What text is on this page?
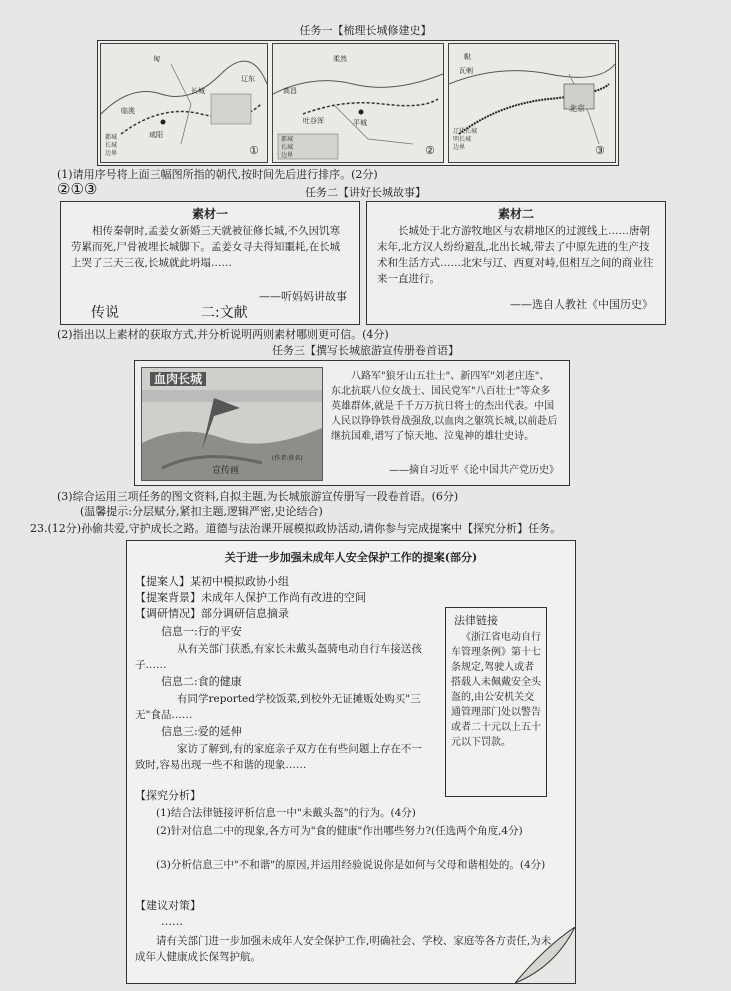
任务一【梳理长城修建史】
匈
临洮
辽东
长城
咸阳
都城
长城
边界	①
柔然
高昌
平城
吐谷浑
都城
长城
边界	②
鞑
瓦剌
北京
辽代长城
明长城
边界	③
(1)请用序号将上面三幅图所指的朝代,按时间先后进行排序。(2分)
②①③	任务二【讲好长城故事】
素材一
相传秦朝时,孟姜女新婚三天就被征修长城,不久因饥寒劳累而死,尸骨被埋长城脚下。孟姜女寻夫得知噩耗,在长城上哭了三天三夜,长城就此坍塌……
——听妈妈讲故事
传说	二:文献
素材二
长城处于北方游牧地区与农耕地区的过渡线上……唐朝末年,北方汉人纷纷避乱,北出长城,带去了中原先进的生产技术和生活方式……北宋与辽、西夏对峙,但相互之间的商业往来一直进行。
——选自人教社《中国历史》
(2)指出以上素材的获取方式,并分析说明两则素材哪则更可信。(4分)
任务三【撰写长城旅游宣传册卷首语】
血肉长城
宣传画
(作者:佚名)
八路军"狼牙山五壮士"、新四军"刘老庄连"、东北抗联八位女战士、国民党军"八百壮士"等众多英雄群体,就是千千万万抗日将士的杰出代表。中国人民以铮铮铁骨战强敌,以血肉之躯筑长城,以前赴后继抗国难,谱写了惊天地、泣鬼神的雄壮史诗。
——摘自习近平《论中国共产党历史》
(3)综合运用三项任务的图文资料,自拟主题,为长城旅游宣传册写一段卷首语。(6分)
(温馨提示:分层赋分,紧扣主题,逻辑严密,史论结合)
23.(12分)孙偷共爱,守护成长之路。道德与法治课开展模拟政协活动,请你参与完成提案中【探究分析】任务。
关于进一步加强未成年人安全保护工作的提案(部分)
【提案人】某初中模拟政协小组
【提案背景】未成年人保护工作尚有改进的空间
【调研情况】部分调研信息摘录
信息一:行的平安
从有关部门获悉,有家长未戴头盔骑电动自行车接送孩子……
信息二:食的健康
有同学reported学校饭菜,到校外无证摊贩处购买"三无"食品……
信息三:爱的延伸
家访了解到,有的家庭亲子双方在有些问题上存在不一致时,容易出现一些不和谐的现象……
法律链接
《浙江省电动自行车管理条例》第十七条规定,驾驶人或者搭载人未佩戴安全头盔的,由公安机关交通管理部门处以警告或者二十元以上五十元以下罚款。
【探究分析】
(1)结合法律链接评析信息一中"未戴头盔"的行为。(4分)
(2)针对信息二中的现象,各方可为"食的健康"作出哪些努力?(任选两个角度,4分)
(3)分析信息三中"不和谐"的原因,并运用经验说说你是如何与父母和谐相处的。(4分)
【建议对策】
……
请有关部门进一步加强未成年人安全保护工作,明确社会、学校、家庭等各方责任,为未成年人健康成长保驾护航。
